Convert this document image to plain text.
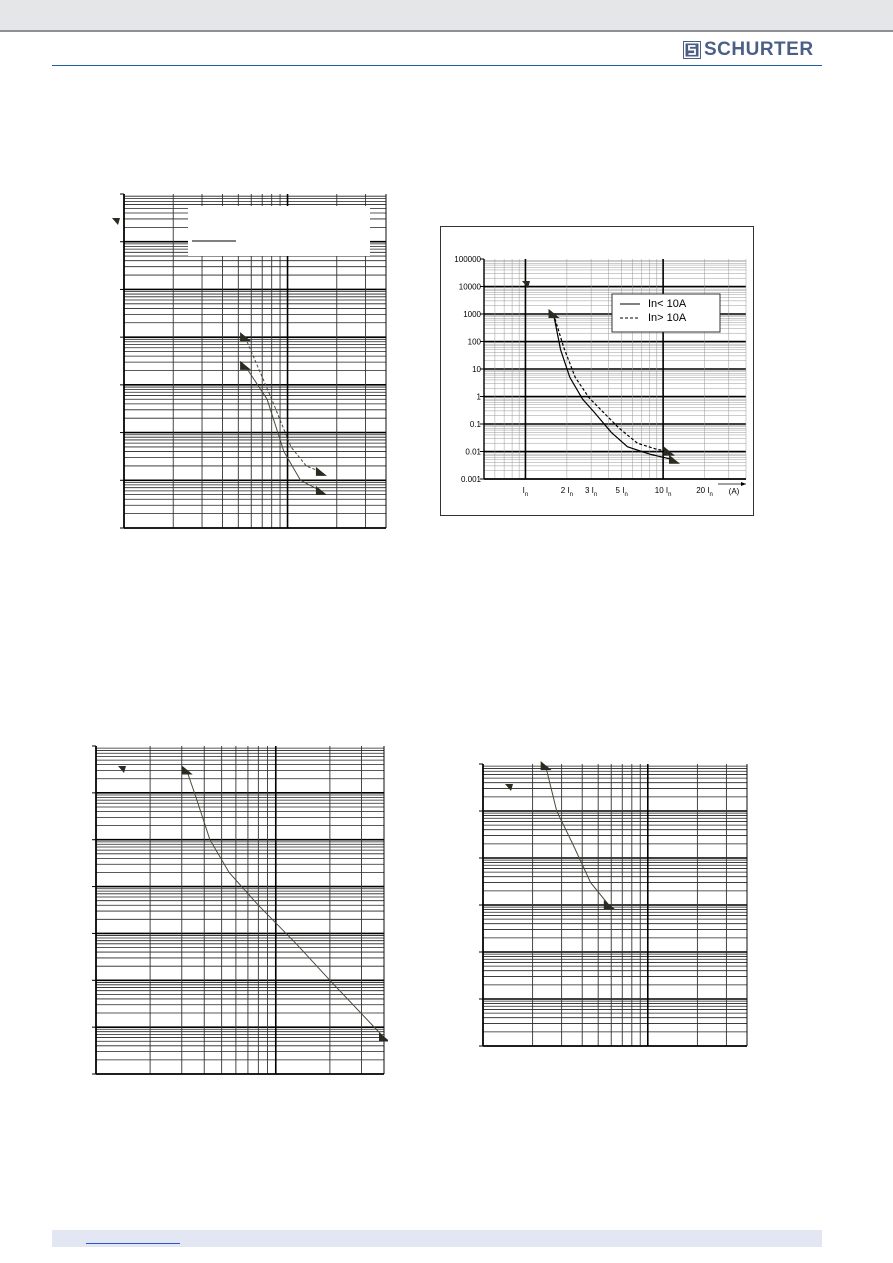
SCHURTER
100000
10000
1000
100
10
1
0.1
0.01
0.001
$I_n$	2 $I_n$ 3 $I_n$ 5 $I_n$	10 $I_n$	20 $I_n$ (A)
In< 10A
In> 10A
